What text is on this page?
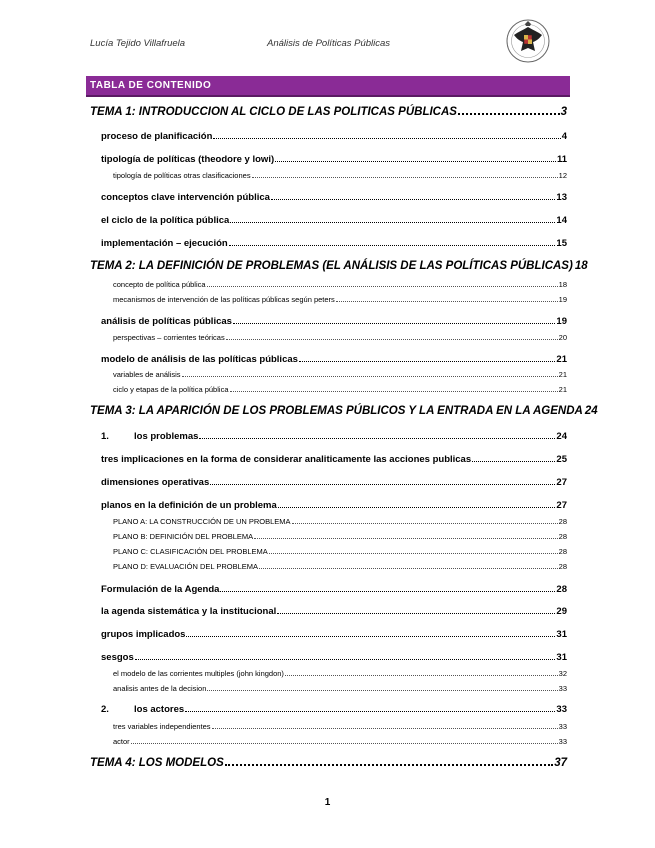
Lucía Tejido Villafruela	Análisis de Políticas Públicas
TABLA DE CONTENIDO
TEMA 1: INTRODUCCION AL CICLO DE LAS POLITICAS PÚBLICAS	3
proceso de planificación	4
tipología de políticas (theodore y lowi)	11
tipología de políticas otras clasificaciones	12
conceptos clave intervención pública	13
el ciclo de la política pública	14
implementación – ejecución	15
TEMA 2: LA DEFINICIÓN DE PROBLEMAS (EL ANÁLISIS DE LAS POLÍTICAS PÚBLICAS) 18
concepto de política pública	18
mecanismos de intervención de las políticas públicas según peters	19
análisis de políticas públicas	19
perspectivas – corrientes teóricas	20
modelo de análisis de las políticas públicas	21
variables de análisis	21
ciclo y etapas de la política pública	21
TEMA 3: LA APARICIÓN DE LOS PROBLEMAS PÚBLICOS Y LA ENTRADA EN LA AGENDA 24
1.	los problemas	24
tres implicaciones en la forma de considerar analiticamente las acciones publicas	25
dimensiones operativas	27
planos en la definición de un problema	27
PLANO A: LA CONSTRUCCIÓN DE UN PROBLEMA	28
PLANO B: DEFINICIÓN DEL PROBLEMA	28
PLANO C: CLASIFICACIÓN DEL PROBLEMA	28
PLANO D: EVALUACIÓN DEL PROBLEMA	28
Formulación de la Agenda	28
la agenda sistemática y la institucional	29
grupos implicados	31
sesgos	31
el modelo de las corrientes multiples (john kingdon)	32
analisis antes de la decision	33
2.	los actores	33
tres variables independientes	33
actor	33
TEMA 4: LOS MODELOS	37
1
